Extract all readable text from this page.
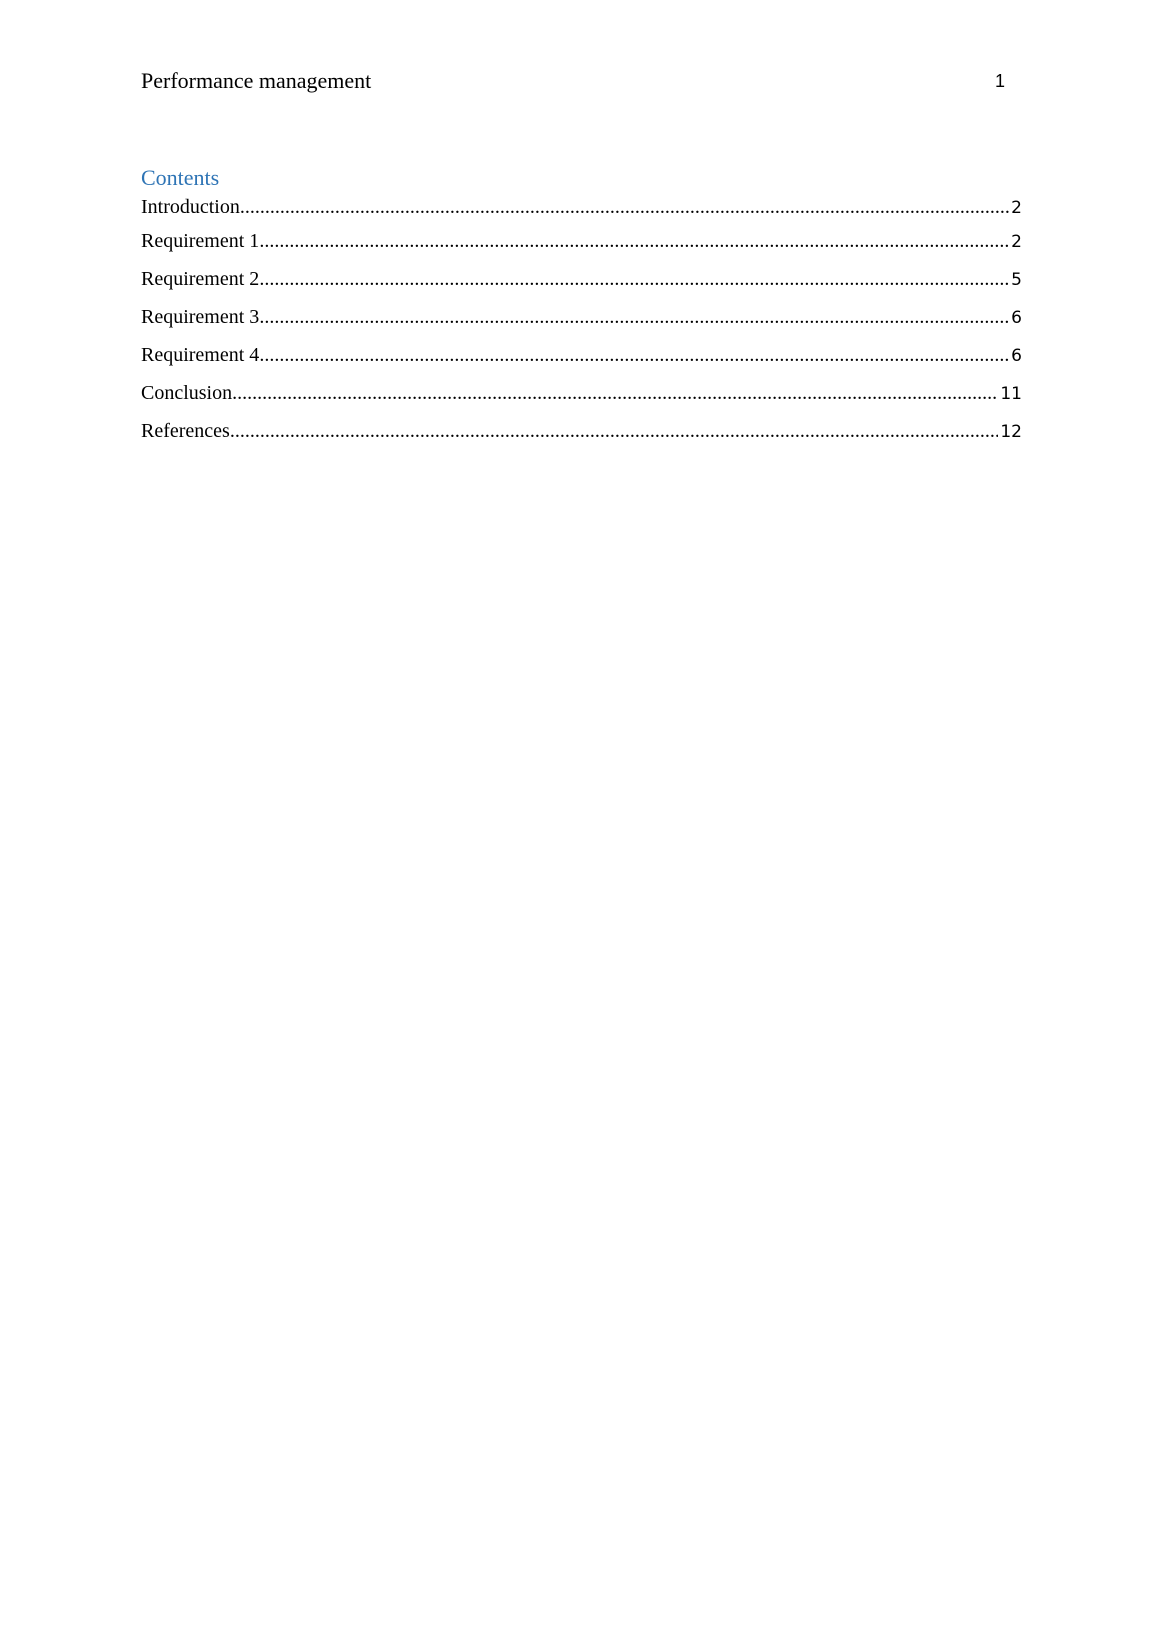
Performance management	1
Contents
Introduction .....	2
Requirement 1 .....	2
Requirement 2 .....	5
Requirement 3 .....	6
Requirement 4 .....	6
Conclusion .....	11
References .....	12
